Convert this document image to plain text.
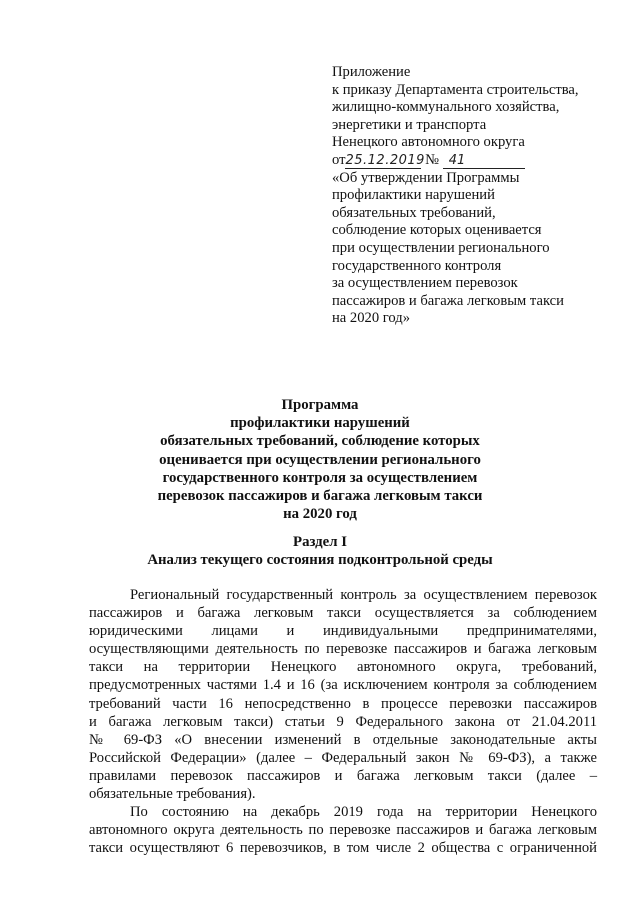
Приложение
к приказу Департамента строительства,
жилищно-коммунального хозяйства,
энергетики и транспорта
Ненецкого автономного округа
от25.12.2019 № 41
«Об утверждении Программы
профилактики нарушений
обязательных требований,
соблюдение которых оценивается
при осуществлении регионального
государственного контроля
за осуществлением перевозок
пассажиров и багажа легковым такси
на 2020 год»
Программа
профилактики нарушений
обязательных требований, соблюдение которых
оценивается при осуществлении регионального
государственного контроля за осуществлением
перевозок пассажиров и багажа легковым такси
на 2020 год
Раздел I
Анализ текущего состояния подконтрольной среды
Региональный государственный контроль за осуществлением перевозок
пассажиров и багажа легковым такси осуществляется за соблюдением
юридическими лицами и индивидуальными предпринимателями,
осуществляющими деятельность по перевозке пассажиров и багажа легковым
такси на территории Ненецкого автономного округа, требований,
предусмотренных частями 1.4 и 16 (за исключением контроля за соблюдением
требований части 16 непосредственно в процессе перевозки пассажиров
и багажа легковым такси) статьи 9 Федерального закона от 21.04.2011
№ 69-ФЗ «О внесении изменений в отдельные законодательные акты
Российской Федерации» (далее – Федеральный закон № 69-ФЗ), а также
правилами перевозок пассажиров и багажа легковым такси (далее –
обязательные требования).
По состоянию на декабрь 2019 года на территории Ненецкого
автономного округа деятельность по перевозке пассажиров и багажа легковым
такси осуществляют 6 перевозчиков, в том числе 2 общества с ограниченной
